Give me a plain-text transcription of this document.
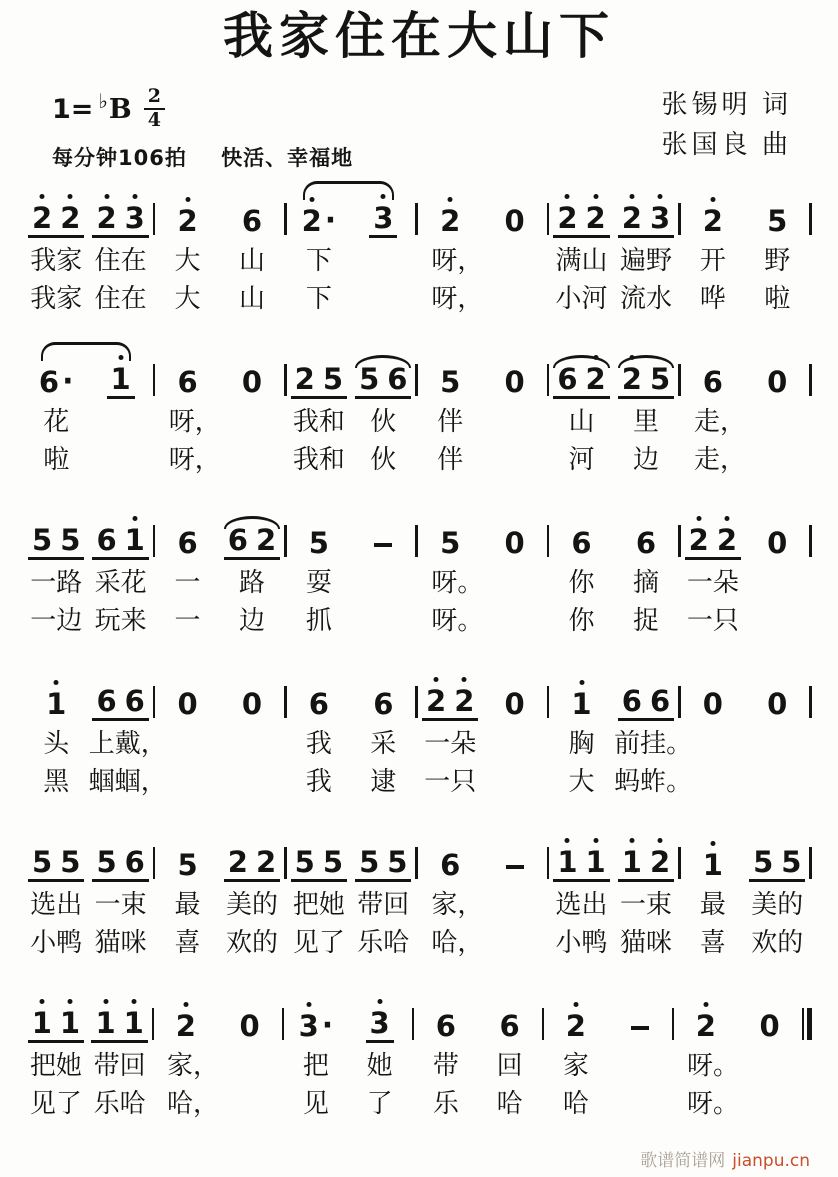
我家住在大山下
1= ♭ B $\frac{2}{4}$
每分钟106拍 快活、幸福地
张锡明 词
张国良 曲
2 2
我家
我家
2 3
住在
住在
2
大
大
6
山
山
2 ·
下
下
3 2
呀，
呀，
0 2 2
满山
小河
2 3
遍野
流水
2
开
哗
5
野
啦
6 ·
花
啦
1 6
呀，
呀，
0 2 5
我和
我和
5 6
伙
伙
5
伴
伴
0 6 2
山
河
2 5
里
边
6
走，
走，
0
5 5
一路
一边
6 1
采花
玩来
6
一
一
6 2
路
边
5
耍
抓
5
呀。
呀。
0 6
你
你
6
摘
捉
2 2
一朵
一只
0
1
头
黑
6 6
上戴，
蝈蝈，
0 0 6
我
我
6
采
逮
2 2
一朵
一只
0 1
胸
大
6 6
前挂。
蚂蚱。
0 0
5 5
选出
小鸭
5 6
一束
猫咪
5
最
喜
2 2
美的
欢的
5 5
把她
见了
5 5
带回
乐哈
6
家，
哈，
1 1
选出
小鸭
1 2
一束
猫咪
1
最
喜
5 5
美的
欢的
1 1
把她
见了
1 1
带回
乐哈
2
家，
哈，
0 3 ·
把
见
3
她
了
6
带
乐
6
回
哈
2
家
哈
2
呀。
呀。
0
歌谱简谱网 jianpu.cn
